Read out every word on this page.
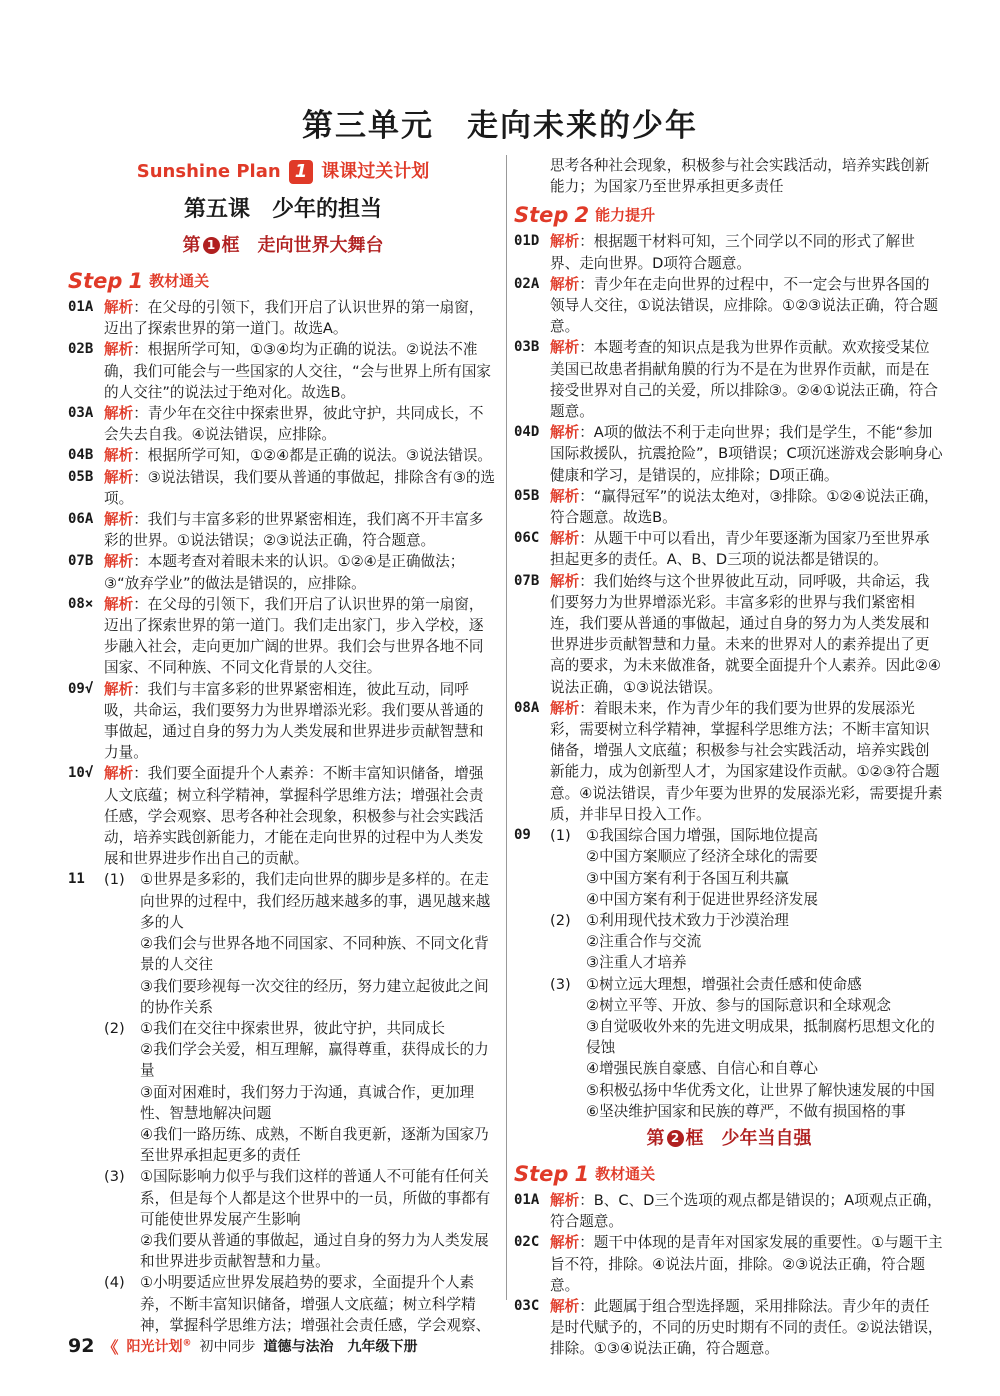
第三单元　走向未来的少年
Sunshine Plan 1 课课过关计划
第五课　少年的担当
第 1 框　走向世界大舞台
Step 1 教材通关
01A 解析：在父母的引领下，我们开启了认识世界的第一扇窗，迈出了探索世界的第一道门。故选A。
02B 解析：根据所学可知，①③④均为正确的说法。②说法不准确，我们可能会与一些国家的人交往，“会与世界上所有国家的人交往”的说法过于绝对化。故选B。
03A 解析：青少年在交往中探索世界，彼此守护，共同成长，不会失去自我。④说法错误，应排除。
04B 解析：根据所学可知，①②④都是正确的说法。③说法错误。
05B 解析：③说法错误，我们要从普通的事做起，排除含有③的选项。
06A 解析：我们与丰富多彩的世界紧密相连，我们离不开丰富多彩的世界。①说法错误；②③说法正确，符合题意。
07B 解析：本题考查对着眼未来的认识。①②④是正确做法；③“放弃学业”的做法是错误的，应排除。
08× 解析：在父母的引领下，我们开启了认识世界的第一扇窗，迈出了探索世界的第一道门。我们走出家门，步入学校，逐步融入社会，走向更加广阔的世界。我们会与世界各地不同国家、不同种族、不同文化背景的人交往。
09√ 解析：我们与丰富多彩的世界紧密相连，彼此互动，同呼吸，共命运，我们要努力为世界增添光彩。我们要从普通的事做起，通过自身的努力为人类发展和世界进步贡献智慧和力量。
10√ 解析：我们要全面提升个人素养：不断丰富知识储备，增强人文底蕴；树立科学精神，掌握科学思维方法；增强社会责任感，学会观察、思考各种社会现象，积极参与社会实践活动，培养实践创新能力，才能在走向世界的过程中为人类发展和世界进步作出自己的贡献。
11	(1)	①世界是多彩的，我们走向世界的脚步是多样的。在走向世界的过程中，我们经历越来越多的事，遇见越来越多的人
②我们会与世界各地不同国家、不同种族、不同文化背景的人交往
③我们要珍视每一次交往的经历，努力建立起彼此之间的协作关系
(2)	①我们在交往中探索世界，彼此守护，共同成长
②我们学会关爱，相互理解，赢得尊重，获得成长的力量
③面对困难时，我们努力于沟通，真诚合作，更加理性、智慧地解决问题
④我们一路历练、成熟，不断自我更新，逐渐为国家乃至世界承担起更多的责任
(3)	①国际影响力似乎与我们这样的普通人不可能有任何关系，但是每个人都是这个世界中的一员，所做的事都有可能使世界发展产生影响
②我们要从普通的事做起，通过自身的努力为人类发展和世界进步贡献智慧和力量。
(4)	①小明要适应世界发展趋势的要求，全面提升个人素养，不断丰富知识储备，增强人文底蕴；树立科学精神，掌握科学思维方法；增强社会责任感，学会观察、
思考各种社会现象，积极参与社会实践活动，培养实践创新能力；为国家乃至世界承担更多责任
Step 2 能力提升
01D 解析：根据题干材料可知，三个同学以不同的形式了解世界、走向世界。D项符合题意。
02A 解析：青少年在走向世界的过程中，不一定会与世界各国的领导人交往，①说法错误，应排除。①②③说法正确，符合题意。
03B 解析：本题考查的知识点是我为世界作贡献。欢欢接受某位美国已故患者捐献角膜的行为不是在为世界作贡献，而是在接受世界对自己的关爱，所以排除③。②④①说法正确，符合题意。
04D 解析：A项的做法不利于走向世界；我们是学生，不能“参加国际救援队，抗震抢险”，B项错误；C项沉迷游戏会影响身心健康和学习，是错误的，应排除；D项正确。
05B 解析：“赢得冠军”的说法太绝对，③排除。①②④说法正确，符合题意。故选B。
06C 解析：从题干中可以看出，青少年要逐渐为国家乃至世界承担起更多的责任。A、B、D三项的说法都是错误的。
07B 解析：我们始终与这个世界彼此互动，同呼吸，共命运，我们要努力为世界增添光彩。丰富多彩的世界与我们紧密相连，我们要从普通的事做起，通过自身的努力为人类发展和世界进步贡献智慧和力量。未来的世界对人的素养提出了更高的要求，为未来做准备，就要全面提升个人素养。因此②④说法正确，①③说法错误。
08A 解析：着眼未来，作为青少年的我们要为世界的发展添光彩，需要树立科学精神，掌握科学思维方法；不断丰富知识储备，增强人文底蕴；积极参与社会实践活动，培养实践创新能力，成为创新型人才，为国家建设作贡献。①②③符合题意。④说法错误，青少年要为世界的发展添光彩，需要提升素质，并非早日投入工作。
09	(1)	①我国综合国力增强，国际地位提高
②中国方案顺应了经济全球化的需要
③中国方案有利于各国互利共赢
④中国方案有利于促进世界经济发展
(2)	①利用现代技术致力于沙漠治理
②注重合作与交流
③注重人才培养
(3)	①树立远大理想，增强社会责任感和使命感
②树立平等、开放、参与的国际意识和全球观念
③自觉吸收外来的先进文明成果，抵制腐朽思想文化的侵蚀
④增强民族自豪感、自信心和自尊心
⑤积极弘扬中华优秀文化，让世界了解快速发展的中国
⑥坚决维护国家和民族的尊严，不做有损国格的事
第 2 框　少年当自强
Step 1 教材通关
01A 解析：B、C、D三个选项的观点都是错误的；A项观点正确，符合题意。
02C 解析：题干中体现的是青年对国家发展的重要性。①与题干主旨不符，排除。④说法片面，排除。②③说法正确，符合题意。
03C 解析：此题属于组合型选择题，采用排除法。青少年的责任是时代赋予的，不同的历史时期有不同的责任。②说法错误，排除。①③④说法正确，符合题意。
92 《 阳光计划® 初中同步 道德与法治　九年级下册
